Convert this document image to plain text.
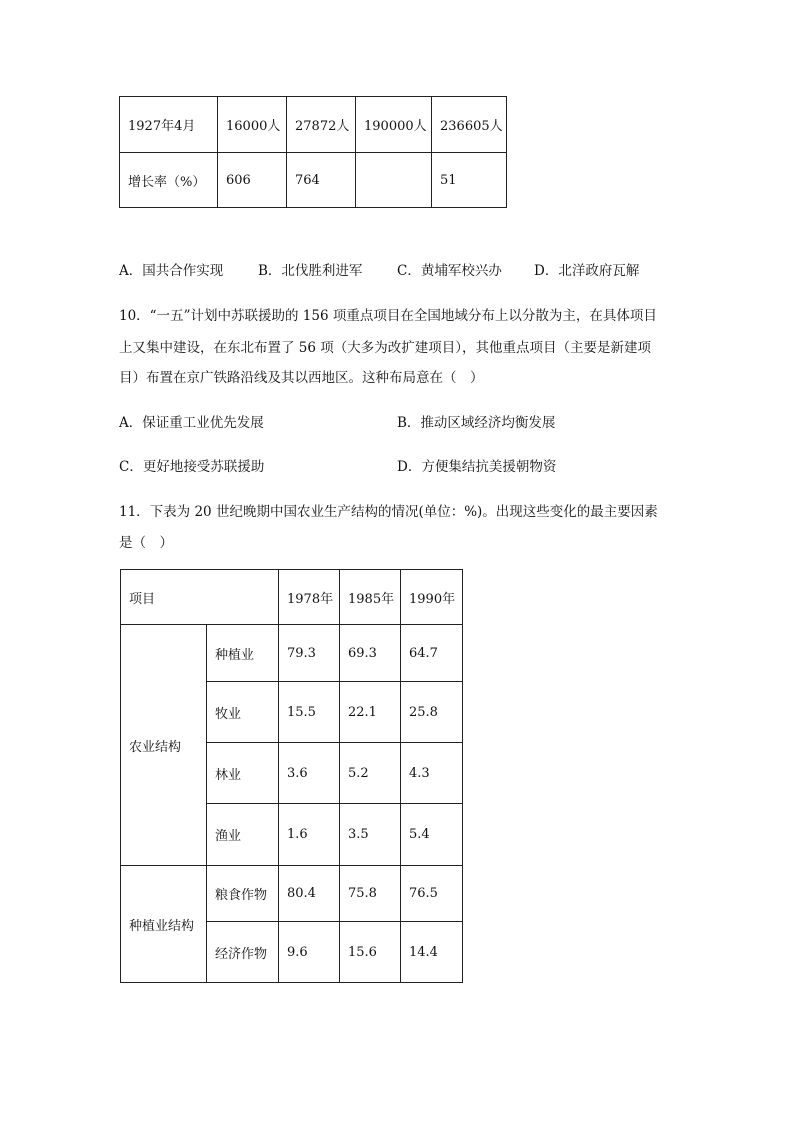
1927年4月	16000人	27872人	190000人	236605人
增长率（%）	606	764		51
A．国共合作实现	B．北伐胜利进军	C．黄埔军校兴办 D．北洋政府瓦解
10．“一五”计划中苏联援助的 156 项重点项目在全国地域分布上以分散为主，在具体项目
上又集中建设，在东北布置了 56 项（大多为改扩建项目），其他重点项目（主要是新建项
目）布置在京广铁路沿线及其以西地区。这种布局意在（　）
A．保证重工业优先发展	B．推动区域经济均衡发展
C．更好地接受苏联援助	D．方便集结抗美援朝物资
11．下表为 20 世纪晚期中国农业生产结构的情况(单位：%)。出现这些变化的最主要因素
是（　）
项目		1978年	1985年	1990年
农业结构	种植业	79.3	69.3	64.7
	牧业	15.5	22.1	25.8
	林业	3.6	5.2	4.3
	渔业	1.6	3.5	5.4
种植业结构	粮食作物	80.4	75.8	76.5
	经济作物	9.6	15.6	14.4
